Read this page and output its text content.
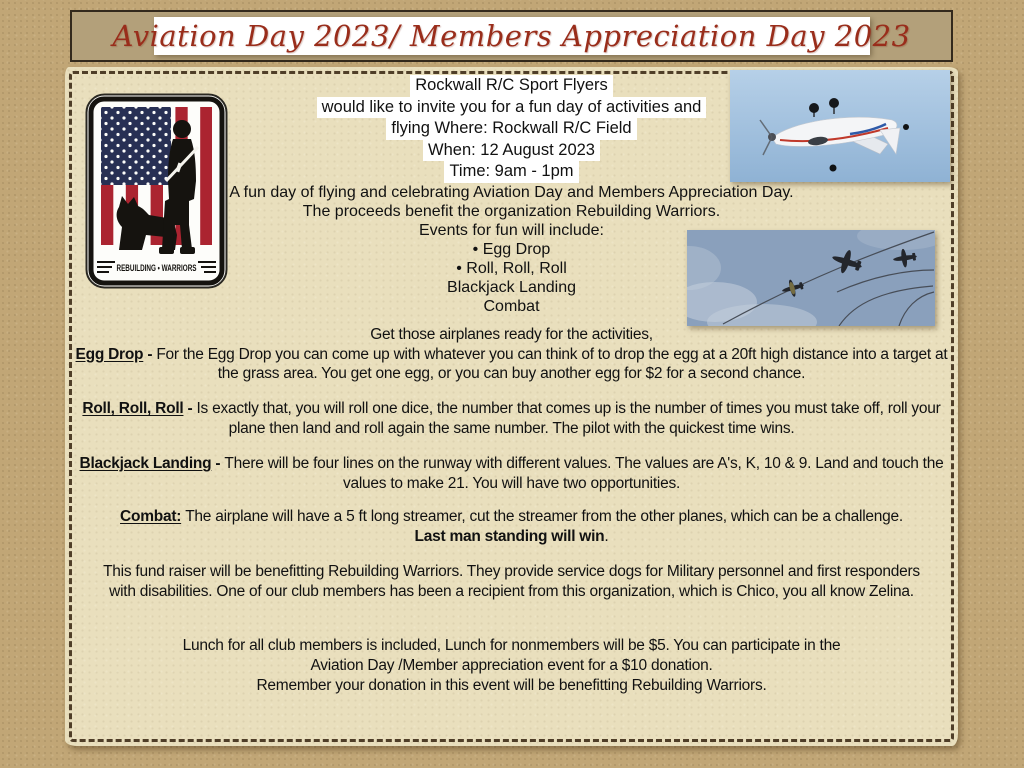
Aviation Day 2023/ Members Appreciation Day 2023
REBUILDING • WARRIORS
Rockwall R/C Sport Flyers
would like to invite you for a fun day of activities and
flying Where: Rockwall R/C Field
When: 12 August 2023
Time: 9am - 1pm
A fun day of flying and celebrating Aviation Day and Members Appreciation Day.
The proceeds benefit the organization Rebuilding Warriors.
Events for fun will include:
• Egg Drop
• Roll, Roll, Roll
Blackjack Landing
Combat
Get those airplanes ready for the activities,

Egg Drop - For the Egg Drop you can come up with whatever you can think of to drop the egg at a 20ft high distance into a target at the grass area. You get one egg, or you can buy another egg for $2 for a second chance.

Roll, Roll, Roll - Is exactly that, you will roll one dice, the number that comes up is the number of times you must take off, roll your plane then land and roll again the same number. The pilot with the quickest time wins.

Blackjack Landing - There will be four lines on the runway with different values. The values are A's, K, 10 & 9. Land and touch the values to make 21. You will have two opportunities.

Combat: The airplane will have a 5 ft long streamer, cut the streamer from the other planes, which can be a challenge.

Last man standing will win.

This fund raiser will be benefitting Rebuilding Warriors. They provide service dogs for Military personnel and first responders with disabilities. One of our club members has been a recipient from this organization, which is Chico, you all know Zelina.

Lunch for all club members is included, Lunch for nonmembers will be $5. You can participate in the
Aviation Day /Member appreciation event for a $10 donation.
Remember your donation in this event will be benefitting Rebuilding Warriors.
